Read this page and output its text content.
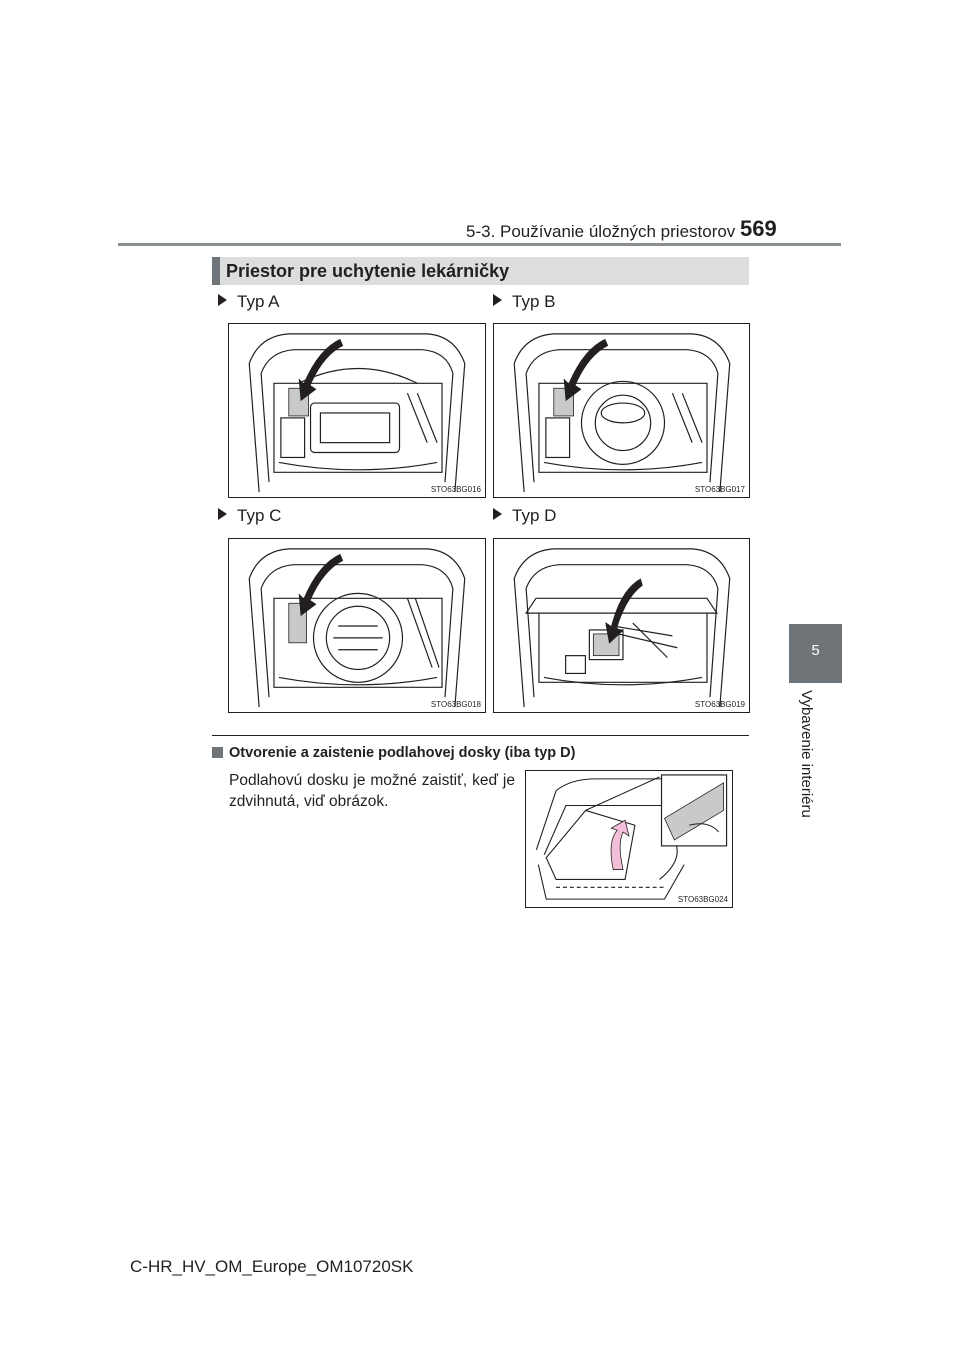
5-3. Používanie úložných priestorov 569
5
Vybavenie interiéru
Priestor pre uchytenie lekárničky
Typ A	Typ B
Typ C	Typ D
STO63BG016	STO63BG017
STO63BG018	STO63BG019
Otvorenie a zaistenie podlahovej dosky (iba typ D)
Podlahovú dosku je možné zaistiť, keď je zdvihnutá, viď obrázok.
STO63BG024
C-HR_HV_OM_Europe_OM10720SK
